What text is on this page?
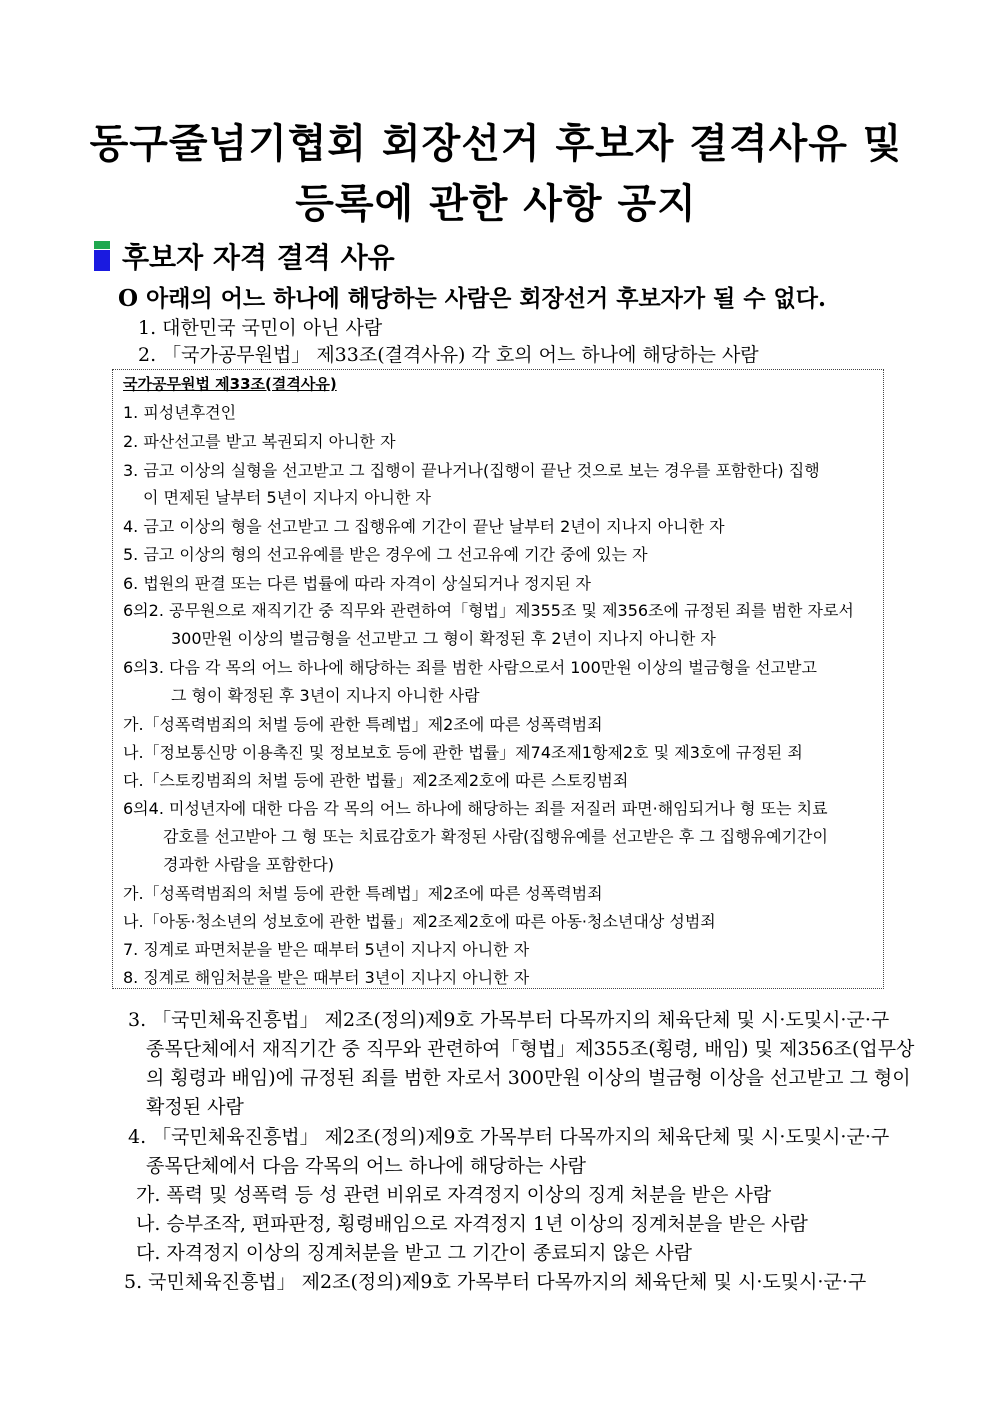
동구줄넘기협회 회장선거 후보자 결격사유 및
등록에 관한 사항 공지
후보자 자격 결격 사유
O 아래의 어느 하나에 해당하는 사람은 회장선거 후보자가 될 수 없다.
1. 대한민국 국민이 아닌 사람
2. 「국가공무원법」 제33조(결격사유) 각 호의 어느 하나에 해당하는 사람
국가공무원법 제33조(결격사유)
1. 피성년후견인
2. 파산선고를 받고 복권되지 아니한 자
3. 금고 이상의 실형을 선고받고 그 집행이 끝나거나(집행이 끝난 것으로 보는 경우를 포함한다) 집행
이 면제된 날부터 5년이 지나지 아니한 자
4. 금고 이상의 형을 선고받고 그 집행유예 기간이 끝난 날부터 2년이 지나지 아니한 자
5. 금고 이상의 형의 선고유예를 받은 경우에 그 선고유예 기간 중에 있는 자
6. 법원의 판결 또는 다른 법률에 따라 자격이 상실되거나 정지된 자
6의2. 공무원으로 재직기간 중 직무와 관련하여「형법」제355조 및 제356조에 규정된 죄를 범한 자로서
300만원 이상의 벌금형을 선고받고 그 형이 확정된 후 2년이 지나지 아니한 자
6의3. 다음 각 목의 어느 하나에 해당하는 죄를 범한 사람으로서 100만원 이상의 벌금형을 선고받고
그 형이 확정된 후 3년이 지나지 아니한 사람
가.「성폭력범죄의 처벌 등에 관한 특례법」제2조에 따른 성폭력범죄
나.「정보통신망 이용촉진 및 정보보호 등에 관한 법률」제74조제1항제2호 및 제3호에 규정된 죄
다.「스토킹범죄의 처벌 등에 관한 법률」제2조제2호에 따른 스토킹범죄
6의4. 미성년자에 대한 다음 각 목의 어느 하나에 해당하는 죄를 저질러 파면·해임되거나 형 또는 치료
감호를 선고받아 그 형 또는 치료감호가 확정된 사람(집행유예를 선고받은 후 그 집행유예기간이
경과한 사람을 포함한다)
가.「성폭력범죄의 처벌 등에 관한 특례법」제2조에 따른 성폭력범죄
나.「아동·청소년의 성보호에 관한 법률」제2조제2호에 따른 아동·청소년대상 성범죄
7. 징계로 파면처분을 받은 때부터 5년이 지나지 아니한 자
8. 징계로 해임처분을 받은 때부터 3년이 지나지 아니한 자
3. 「국민체육진흥법」 제2조(정의)제9호 가목부터 다목까지의 체육단체 및 시·도및시·군·구
종목단체에서 재직기간 중 직무와 관련하여「형법」제355조(횡령, 배임) 및 제356조(업무상
의 횡령과 배임)에 규정된 죄를 범한 자로서 300만원 이상의 벌금형 이상을 선고받고 그 형이
확정된 사람
4. 「국민체육진흥법」 제2조(정의)제9호 가목부터 다목까지의 체육단체 및 시·도및시·군·구
종목단체에서 다음 각목의 어느 하나에 해당하는 사람
가. 폭력 및 성폭력 등 성 관련 비위로 자격정지 이상의 징계 처분을 받은 사람
나. 승부조작, 편파판정, 횡령배임으로 자격정지 1년 이상의 징계처분을 받은 사람
다. 자격정지 이상의 징계처분을 받고 그 기간이 종료되지 않은 사람
5. 국민체육진흥법」 제2조(정의)제9호 가목부터 다목까지의 체육단체 및 시·도및시·군·구
